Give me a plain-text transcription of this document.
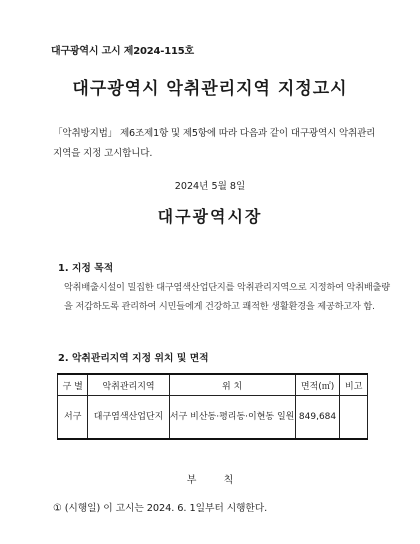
대구광역시 고시 제2024-115호
대구광역시 악취관리지역 지정고시
「악취방지법」 제6조제1항 및 제5항에 따라 다음과 같이 대구광역시 악취관리지역을 지정 고시합니다.
2024년 5월 8일
대구광역시장
1. 지정 목적
악취배출시설이 밀집한 대구염색산업단지를 악취관리지역으로 지정하여 악취배출량을 저감하도록 관리하여 시민들에게 건강하고 쾌적한 생활환경을 제공하고자 함.
2. 악취관리지역 지정 위치 및 면적
구 별	악취관리지역	위 치	면적(㎡)	비고
서구	대구염색산업단지	서구 비산동·평리동·이현동 일원	849,684	
부 칙
① (시행일) 이 고시는 2024. 6. 1일부터 시행한다.
